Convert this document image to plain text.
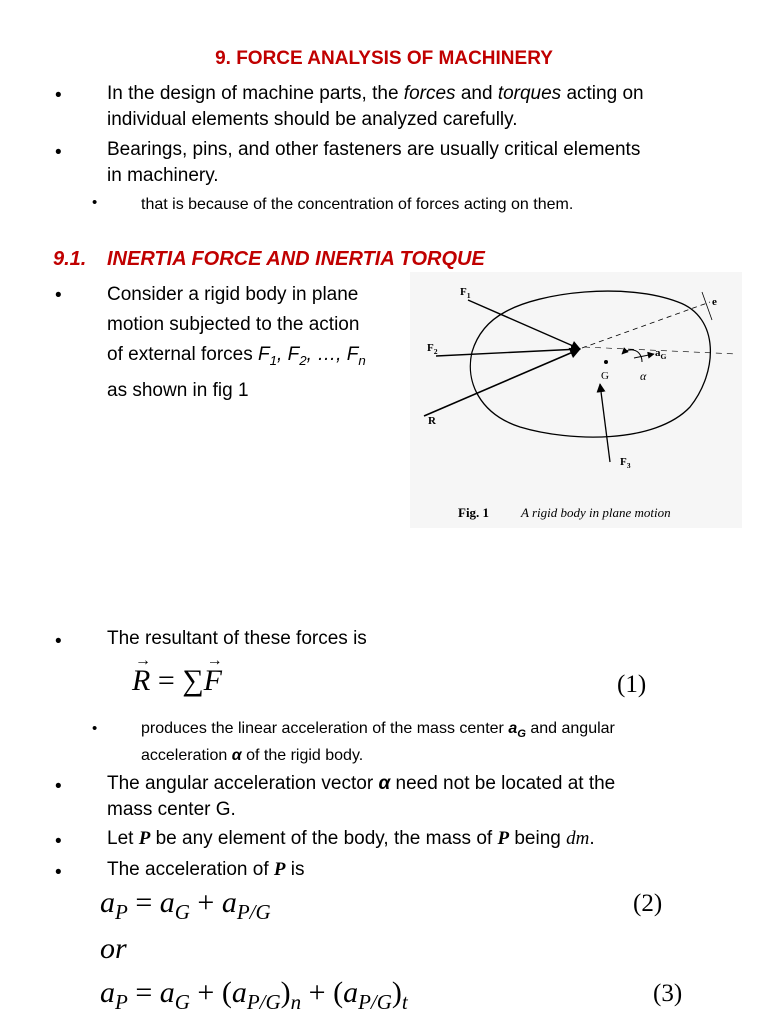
9. FORCE ANALYSIS OF MACHINERY
• In the design of machine parts, the forces and torques acting on
individual elements should be analyzed carefully.
• Bearings, pins, and other fasteners are usually critical elements
in machinery.
•	that is because of the concentration of forces acting on them.
9.1. INERTIA FORCE AND INERTIA TORQUE
• Consider a rigid body in plane
motion subjected to the action
of external forces $F_1$, $F_2$, …, $F_n$
as shown in fig 1
$F_1$
$F_2$
R
$F_3$
G	α
$a_G$
e
Fig. 1 A rigid body in plane motion
• The resultant of these forces is
R
→
= ∑F
→
(1)
•	produces the linear acceleration of the mass center $a_G$ and angular
acceleration α of the rigid body.
• The angular acceleration vector α need not be located at the
mass center G.
• Let P be any element of the body, the mass of P being dm.
• The acceleration of P is
$a_P = a_G + a_{P/G}$	(2)
or
$a_P = a_G + (a_{P/G})_n + (a_{P/G})_t$	(3)
